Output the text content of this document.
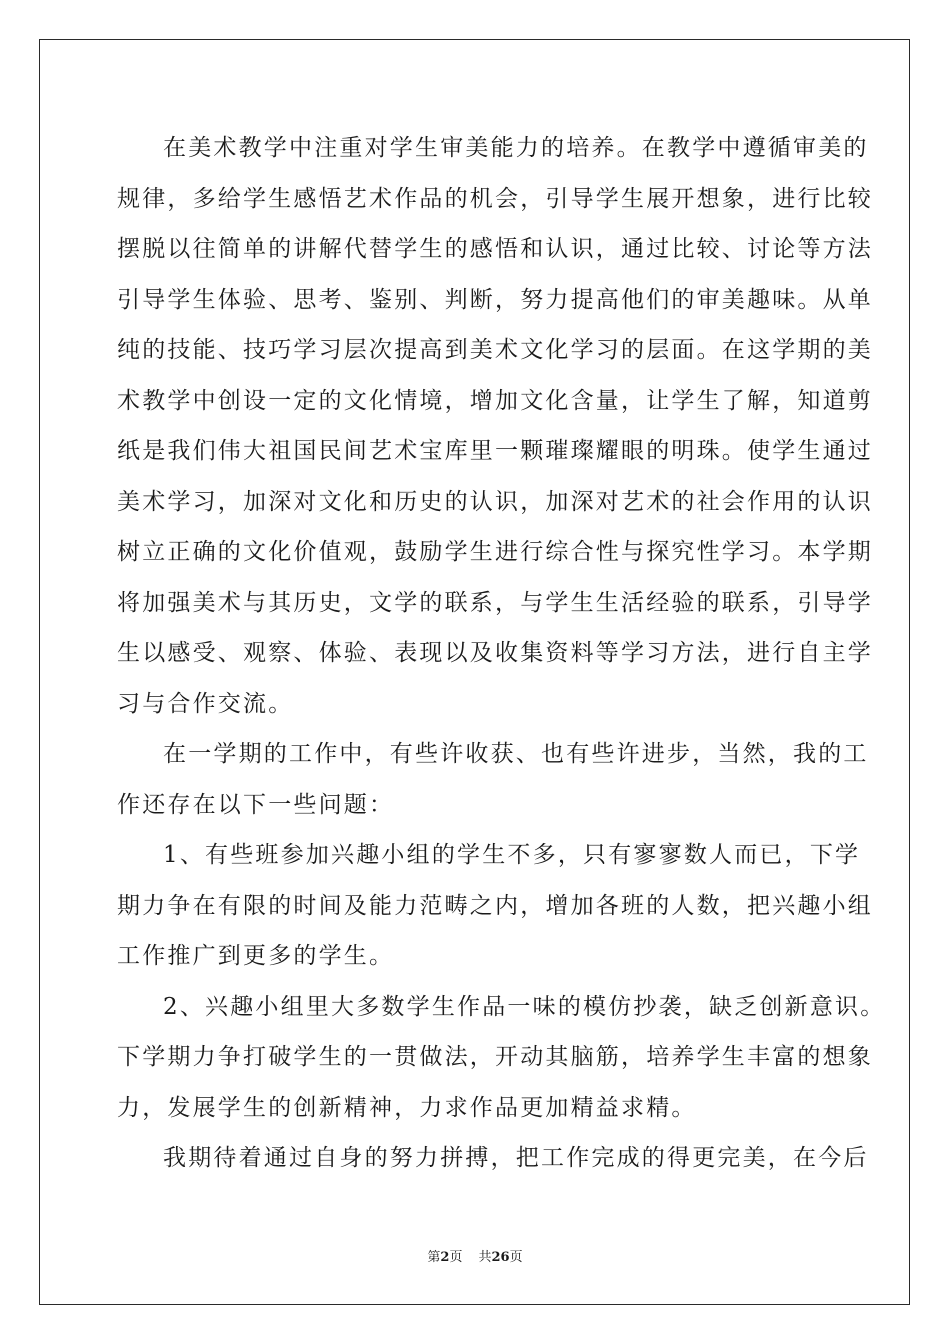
在美术教学中注重对学生审美能力的培养。在教学中遵循审美的
规律，多给学生感悟艺术作品的机会，引导学生展开想象，进行比较
摆脱以往简单的讲解代替学生的感悟和认识，通过比较、讨论等方法
引导学生体验、思考、鉴别、判断，努力提高他们的审美趣味。从单
纯的技能、技巧学习层次提高到美术文化学习的层面。在这学期的美
术教学中创设一定的文化情境，增加文化含量，让学生了解，知道剪
纸是我们伟大祖国民间艺术宝库里一颗璀璨耀眼的明珠。使学生通过
美术学习，加深对文化和历史的认识，加深对艺术的社会作用的认识
树立正确的文化价值观，鼓励学生进行综合性与探究性学习。本学期
将加强美术与其历史，文学的联系，与学生生活经验的联系，引导学
生以感受、观察、体验、表现以及收集资料等学习方法，进行自主学
习与合作交流。
在一学期的工作中，有些许收获、也有些许进步，当然，我的工
作还存在以下一些问题：
1、有些班参加兴趣小组的学生不多，只有寥寥数人而已，下学
期力争在有限的时间及能力范畴之内，增加各班的人数，把兴趣小组
工作推广到更多的学生。
2、兴趣小组里大多数学生作品一味的模仿抄袭，缺乏创新意识。
下学期力争打破学生的一贯做法，开动其脑筋，培养学生丰富的想象
力，发展学生的创新精神，力求作品更加精益求精。
我期待着通过自身的努力拼搏，把工作完成的得更完美，在今后
第2页 共26页
